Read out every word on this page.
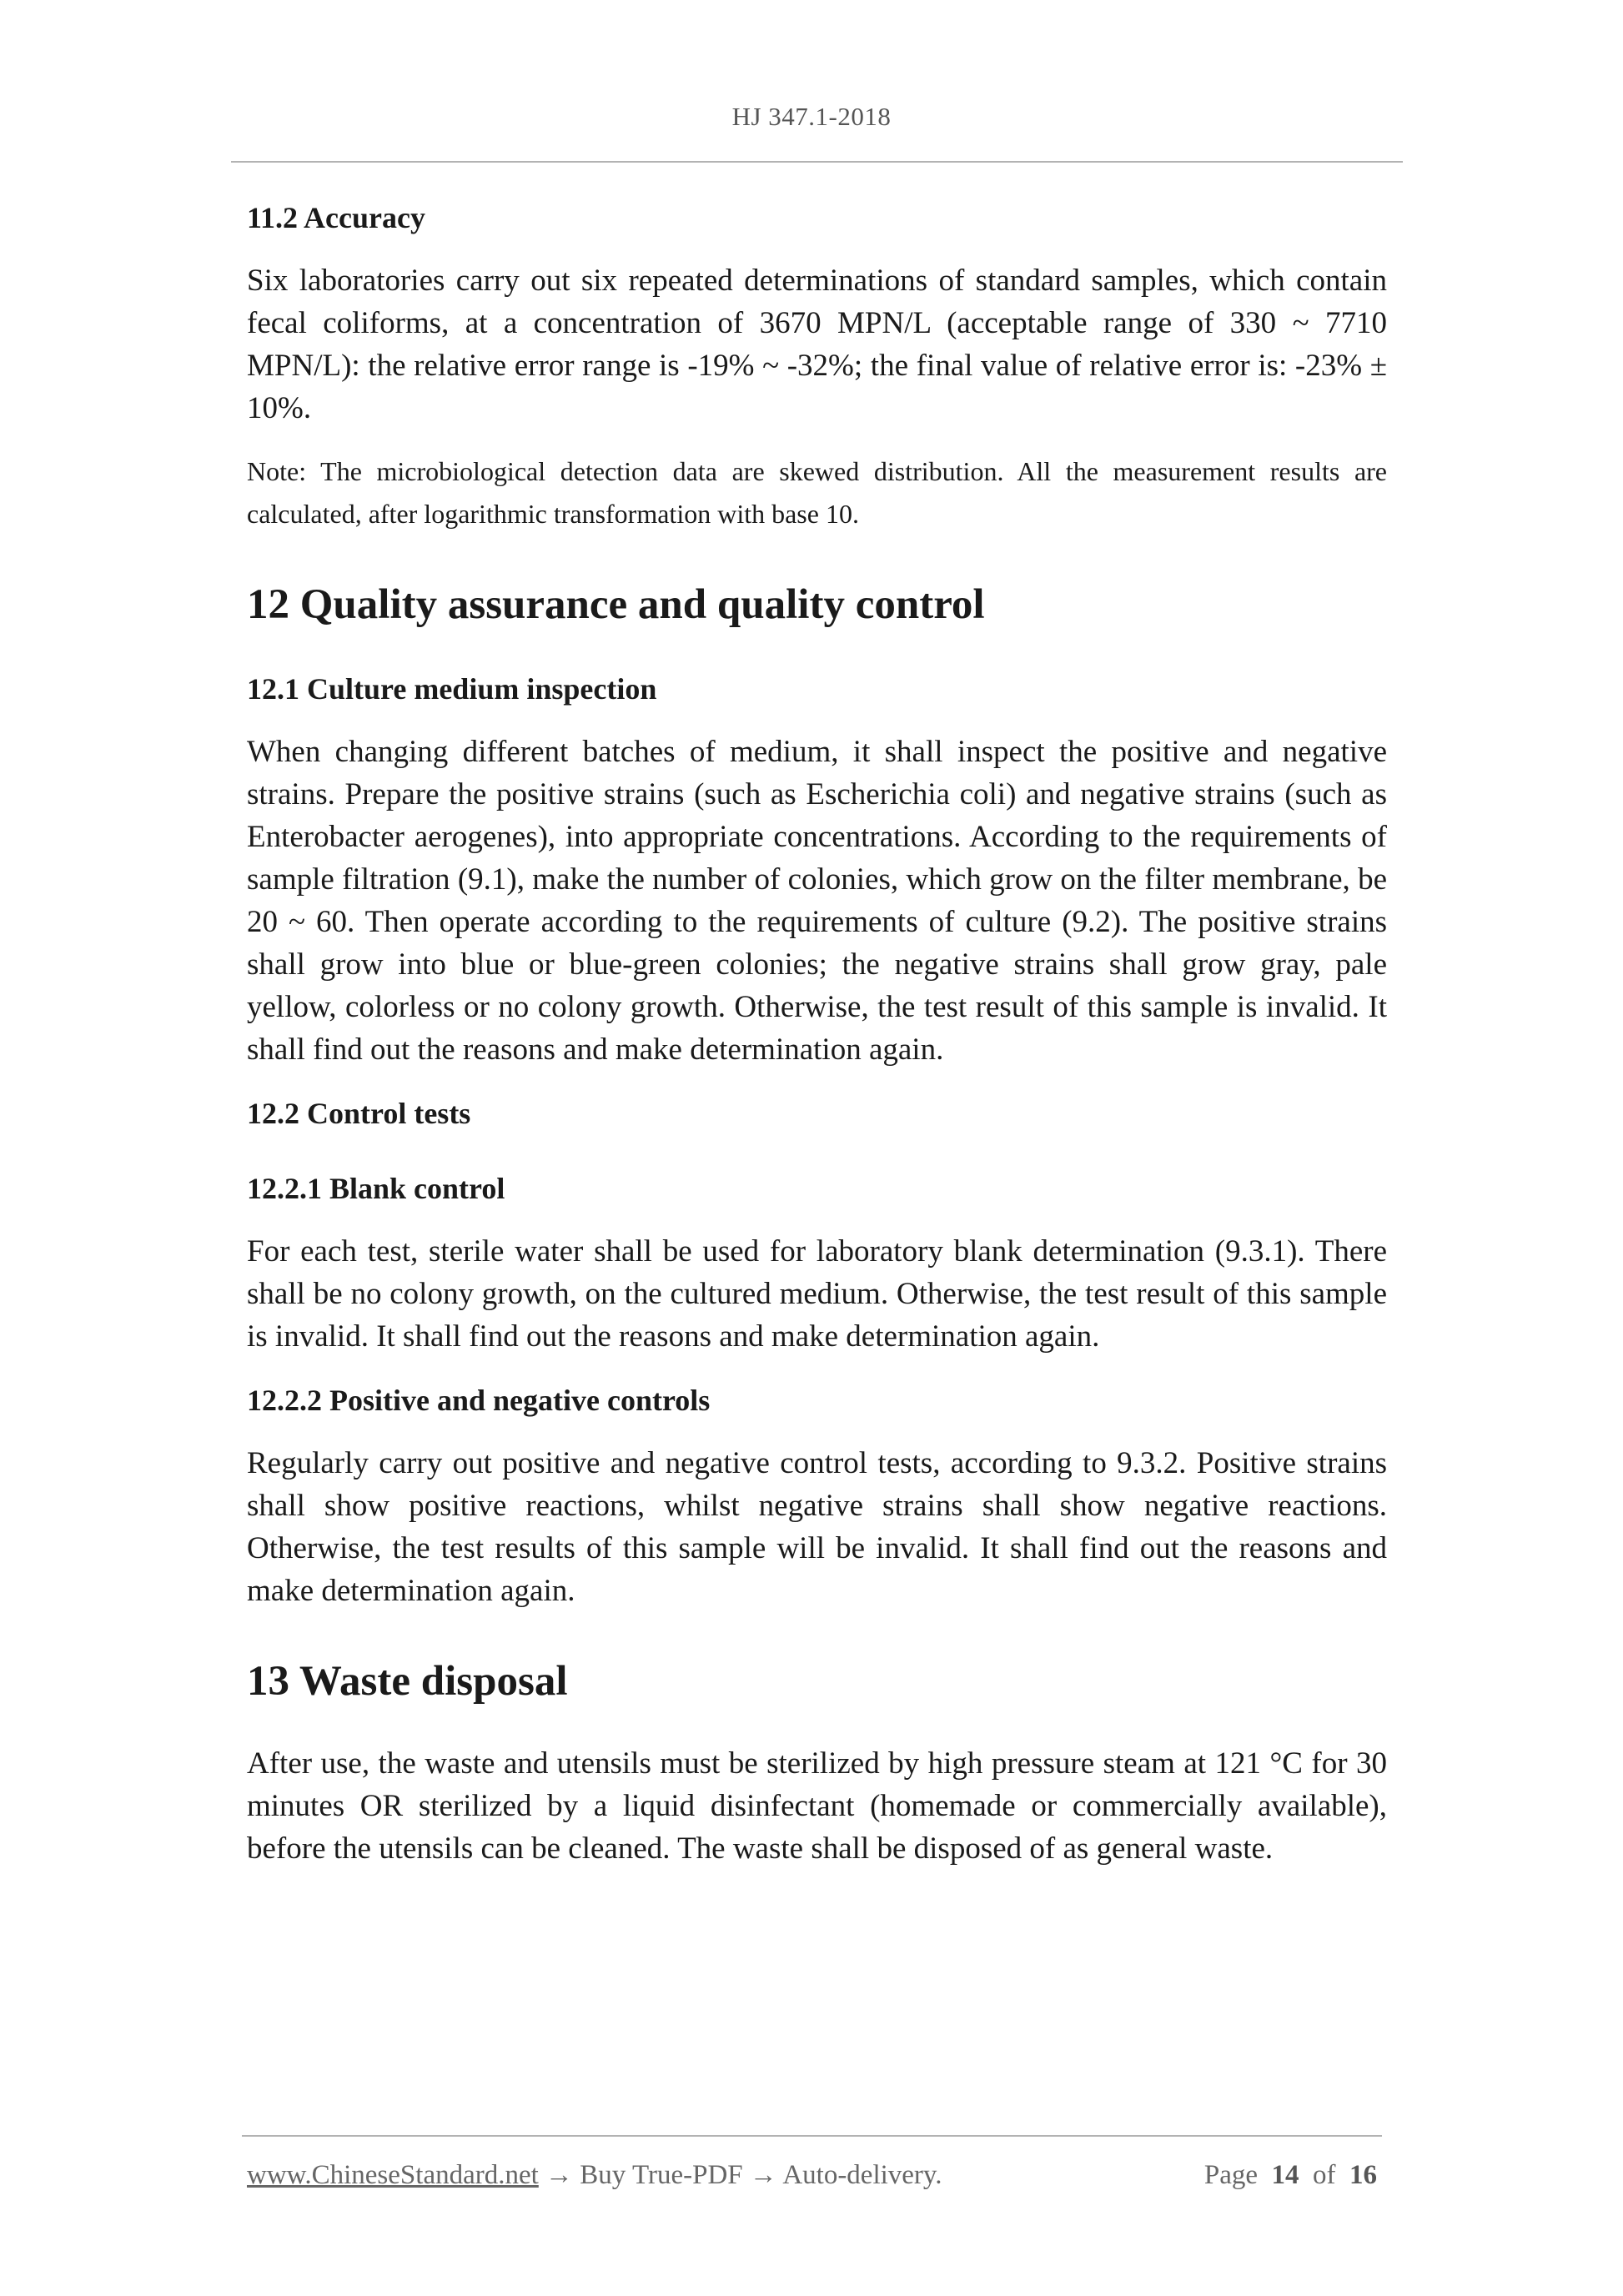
HJ 347.1-2018
11.2 Accuracy

Six laboratories carry out six repeated determinations of standard samples, which contain fecal coliforms, at a concentration of 3670 MPN/L (acceptable range of 330 ~ 7710 MPN/L): the relative error range is -19% ~ -32%; the final value of relative error is: -23% ± 10%.

Note: The microbiological detection data are skewed distribution. All the measurement results are calculated, after logarithmic transformation with base 10.

12 Quality assurance and quality control
12.1 Culture medium inspection

When changing different batches of medium, it shall inspect the positive and negative strains. Prepare the positive strains (such as Escherichia coli) and negative strains (such as Enterobacter aerogenes), into appropriate concentrations. According to the requirements of sample filtration (9.1), make the number of colonies, which grow on the filter membrane, be 20 ~ 60. Then operate according to the requirements of culture (9.2). The positive strains shall grow into blue or blue-green colonies; the negative strains shall grow gray, pale yellow, colorless or no colony growth. Otherwise, the test result of this sample is invalid. It shall find out the reasons and make determination again.

12.2 Control tests
12.2.1 Blank control

For each test, sterile water shall be used for laboratory blank determination (9.3.1). There shall be no colony growth, on the cultured medium. Otherwise, the test result of this sample is invalid. It shall find out the reasons and make determination again.

12.2.2 Positive and negative controls

Regularly carry out positive and negative control tests, according to 9.3.2. Positive strains shall show positive reactions, whilst negative strains shall show negative reactions. Otherwise, the test results of this sample will be invalid. It shall find out the reasons and make determination again.

13 Waste disposal

After use, the waste and utensils must be sterilized by high pressure steam at 121 °C for 30 minutes OR sterilized by a liquid disinfectant (homemade or commercially available), before the utensils can be cleaned. The waste shall be disposed of as general waste.

www.ChineseStandard.net → Buy True-PDF → Auto-delivery.	Page 14 of 16
